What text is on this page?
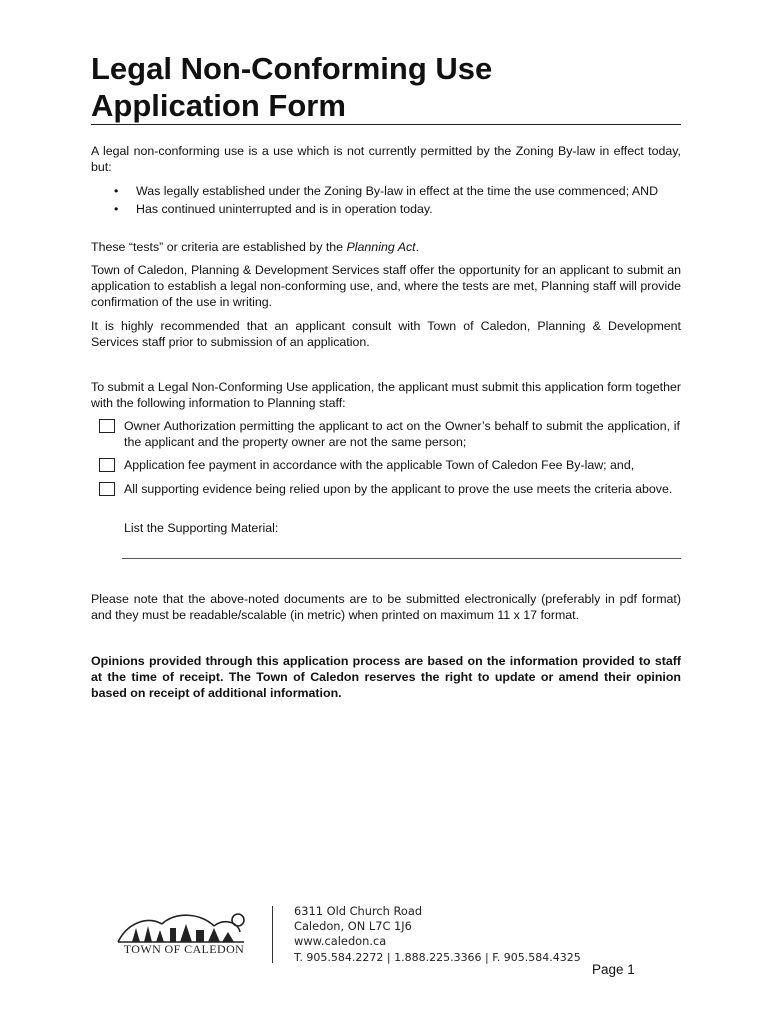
Legal Non-Conforming Use
Application Form
A legal non-conforming use is a use which is not currently permitted by the Zoning By-law in effect today, but:
• Was legally established under the Zoning By-law in effect at the time the use commenced; AND
• Has continued uninterrupted and is in operation today.
These “tests” or criteria are established by the Planning Act.
Town of Caledon, Planning & Development Services staff offer the opportunity for an applicant to submit an application to establish a legal non-conforming use, and, where the tests are met, Planning staff will provide confirmation of the use in writing.
It is highly recommended that an applicant consult with Town of Caledon, Planning & Development Services staff prior to submission of an application.
To submit a Legal Non-Conforming Use application, the applicant must submit this application form together with the following information to Planning staff:
Owner Authorization permitting the applicant to act on the Owner’s behalf to submit the application, if the applicant and the property owner are not the same person;
Application fee payment in accordance with the applicable Town of Caledon Fee By-law; and,
All supporting evidence being relied upon by the applicant to prove the use meets the criteria above.
List the Supporting Material:
Please note that the above-noted documents are to be submitted electronically (preferably in pdf format) and they must be readable/scalable (in metric) when printed on maximum 11 x 17 format.
Opinions provided through this application process are based on the information provided to staff at the time of receipt. The Town of Caledon reserves the right to update or amend their opinion based on receipt of additional information.
TOWN OF CALEDON
6311 Old Church Road
Caledon, ON L7C 1J6
www.caledon.ca
T. 905.584.2272 | 1.888.225.3366 | F. 905.584.4325
Page 1
